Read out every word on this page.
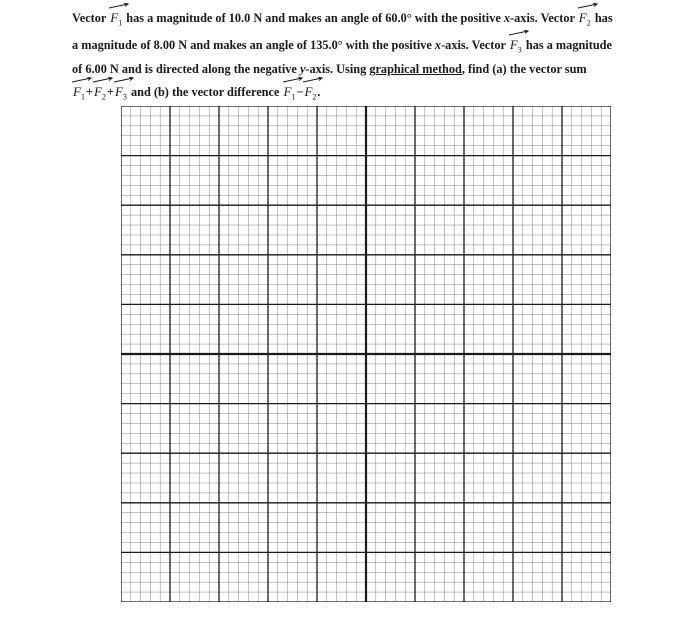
Vector $F_1$ has a magnitude of 10.0 N and makes an angle of 60.0° with the positive x-axis. Vector $F_2$ has
a magnitude of 8.00 N and makes an angle of 135.0° with the positive x-axis. Vector $F_3$ has a magnitude
of 6.00 N and is directed along the negative y-axis. Using graphical method, find (a) the vector sum
$F_1+$
$F_2+$
$F_3$ and (b) the vector difference $F_1-$
$F_2$.
